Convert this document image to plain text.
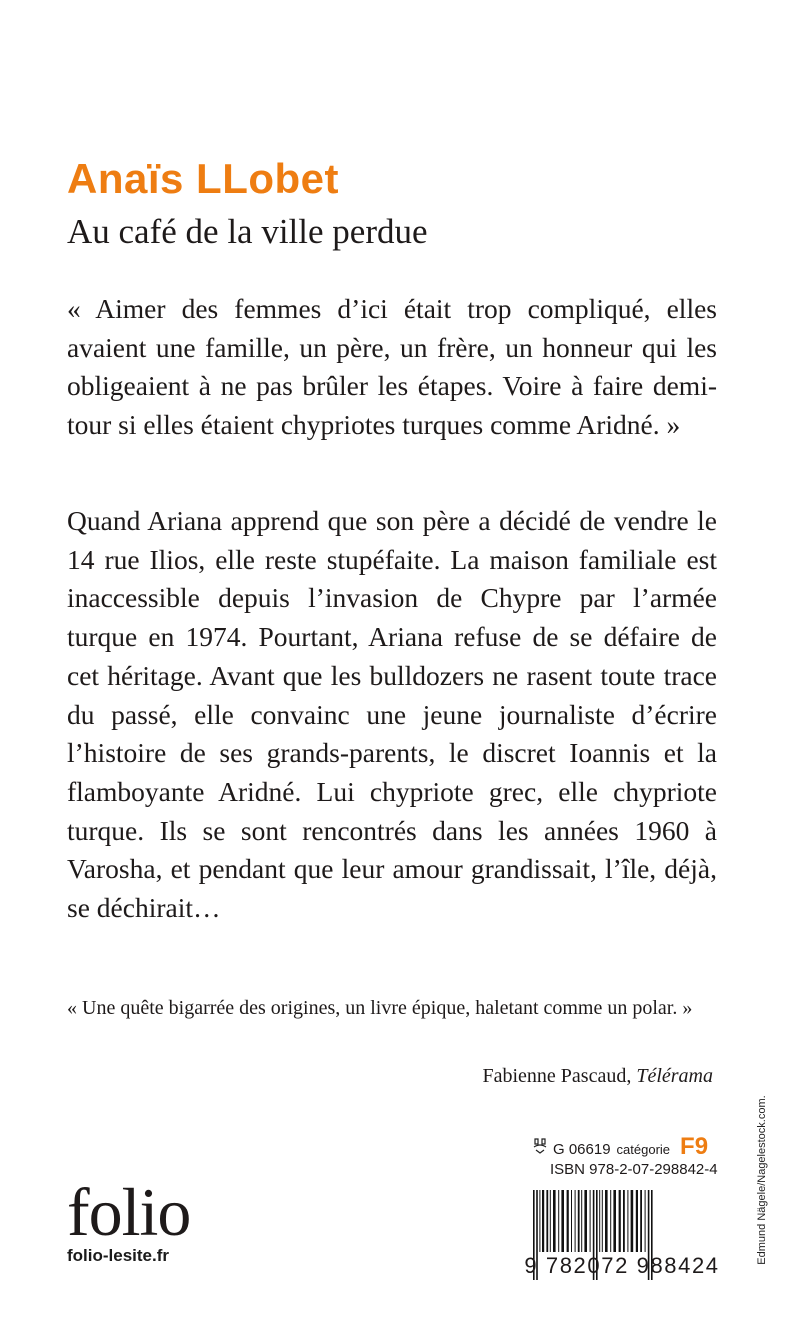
Anaïs LLobet
Au café de la ville perdue

« Aimer des femmes d’ici était trop compliqué, elles avaient une famille, un père, un frère, un honneur qui les obligeaient à ne pas brûler les étapes. Voire à faire demi-tour si elles étaient chypriotes turques comme Aridné. »

Quand Ariana apprend que son père a décidé de vendre le 14 rue Ilios, elle reste stupéfaite. La maison familiale est inaccessible depuis l’invasion de Chypre par l’armée turque en 1974. Pourtant, Ariana refuse de se défaire de cet héritage. Avant que les bulldozers ne rasent toute trace du passé, elle convainc une jeune journaliste d’écrire l’histoire de ses grands-parents, le discret Ioannis et la flamboyante Aridné. Lui chypriote grec, elle chypriote turque. Ils se sont rencontrés dans les années 1960 à Varosha, et pendant que leur amour grandissait, l’île, déjà, se déchirait…

« Une quête bigarrée des origines, un livre épique, haletant comme un polar. »

Fabienne Pascaud, Télérama

Edmund Nägele/Nagelestock.com.
folio
folio-lesite.fr
G 06619 catégorie F9
ISBN 978-2-07-298842-4
9 782072 988424
